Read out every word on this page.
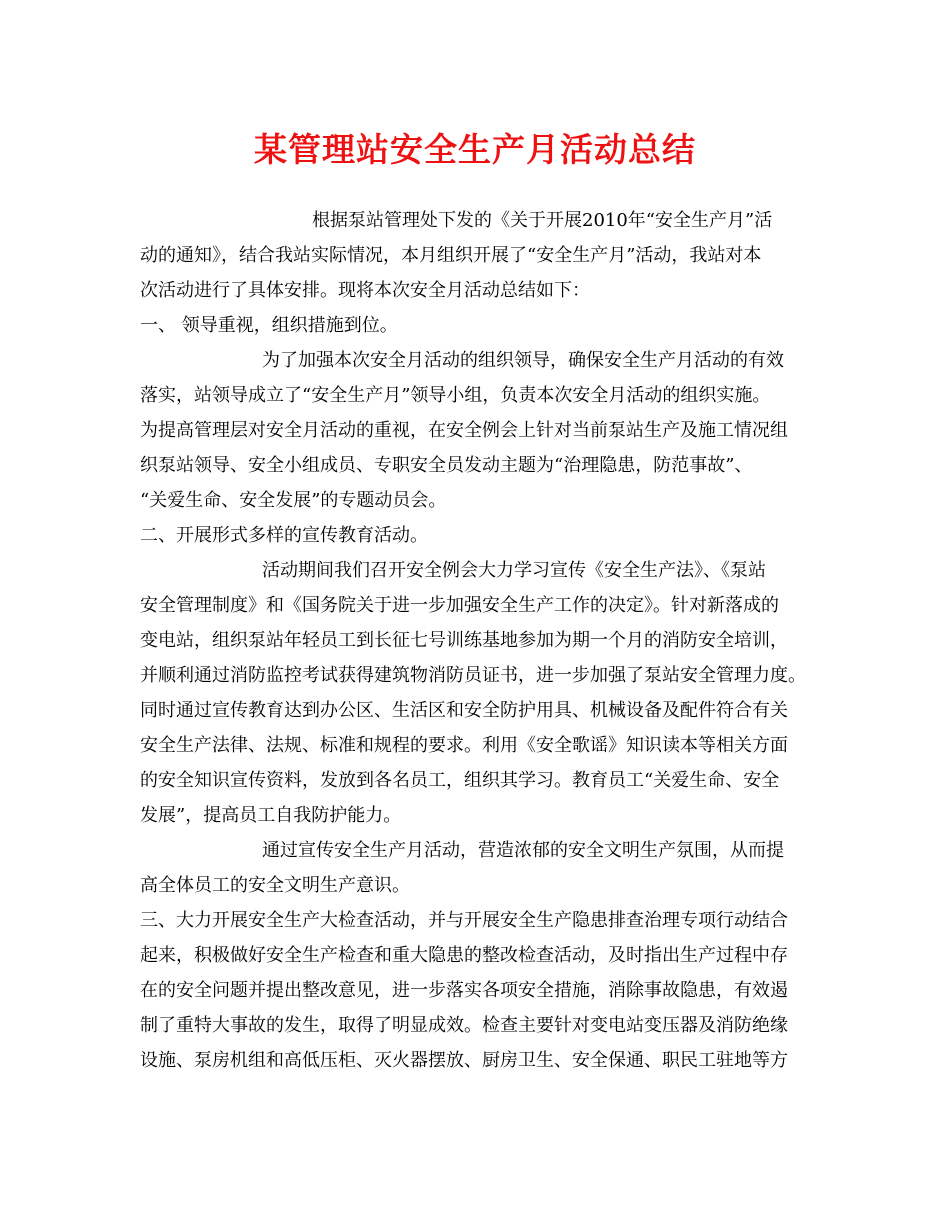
某管理站安全生产月活动总结
根据泵站管理处下发的《关于开展2010年“安全生产月”活
动的通知》，结合我站实际情况，本月组织开展了“安全生产月”活动，我站对本
次活动进行了具体安排。现将本次安全月活动总结如下：
一、 领导重视，组织措施到位。
为了加强本次安全月活动的组织领导，确保安全生产月活动的有效
落实，站领导成立了“安全生产月”领导小组，负责本次安全月活动的组织实施。
为提高管理层对安全月活动的重视，在安全例会上针对当前泵站生产及施工情况组
织泵站领导、安全小组成员、专职安全员发动主题为“治理隐患，防范事故”、
“关爱生命、安全发展”的专题动员会。
二、开展形式多样的宣传教育活动。
活动期间我们召开安全例会大力学习宣传《安全生产法》、《泵站
安全管理制度》和《国务院关于进一步加强安全生产工作的决定》。针对新落成的
变电站，组织泵站年轻员工到长征七号训练基地参加为期一个月的消防安全培训，
并顺利通过消防监控考试获得建筑物消防员证书，进一步加强了泵站安全管理力度。
同时通过宣传教育达到办公区、生活区和安全防护用具、机械设备及配件符合有关
安全生产法律、法规、标准和规程的要求。利用《安全歌谣》知识读本等相关方面
的安全知识宣传资料，发放到各名员工，组织其学习。教育员工“关爱生命、安全
发展”，提高员工自我防护能力。
通过宣传安全生产月活动，营造浓郁的安全文明生产氛围，从而提
高全体员工的安全文明生产意识。
三、大力开展安全生产大检查活动，并与开展安全生产隐患排查治理专项行动结合
起来，积极做好安全生产检查和重大隐患的整改检查活动，及时指出生产过程中存
在的安全问题并提出整改意见，进一步落实各项安全措施，消除事故隐患，有效遏
制了重特大事故的发生，取得了明显成效。检查主要针对变电站变压器及消防绝缘
设施、泵房机组和高低压柜、灭火器摆放、厨房卫生、安全保通、职民工驻地等方
